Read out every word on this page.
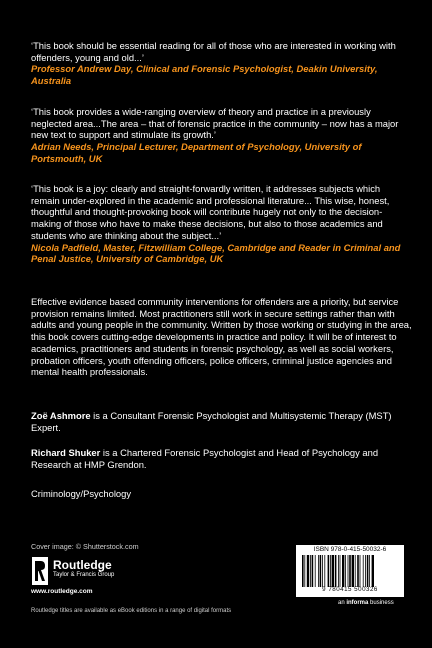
‘This book should be essential reading for all of those who are interested in working with offenders, young and old...’
Professor Andrew Day, Clinical and Forensic Psychologist, Deakin University, Australia
‘This book provides a wide-ranging overview of theory and practice in a previously neglected area...The area – that of forensic practice in the community – now has a major new text to support and stimulate its growth.’
Adrian Needs, Principal Lecturer, Department of Psychology, University of Portsmouth, UK
‘This book is a joy: clearly and straight-forwardly written, it addresses subjects which remain under-explored in the academic and professional literature... This wise, honest, thoughtful and thought-provoking book will contribute hugely not only to the decision-making of those who have to make these decisions, but also to those academics and students who are thinking about the subject...’
Nicola Padfield, Master, Fitzwilliam College, Cambridge and Reader in Criminal and Penal Justice, University of Cambridge, UK
Effective evidence based community interventions for offenders are a priority, but service provision remains limited. Most practitioners still work in secure settings rather than with adults and young people in the community. Written by those working or studying in the area, this book covers cutting-edge developments in practice and policy. It will be of interest to academics, practitioners and students in forensic psychology, as well as social workers, probation officers, youth offending officers, police officers, criminal justice agencies and mental health professionals.
Zoë Ashmore is a Consultant Forensic Psychologist and Multisystemic Therapy (MST) Expert.
Richard Shuker is a Chartered Forensic Psychologist and Head of Psychology and Research at HMP Grendon.
Criminology/Psychology
Cover image: © Shutterstock.com
Routledge
Taylor & Francis Group
www.routledge.com
Routledge titles are available as eBook editions in a range of digital formats
ISBN 978-0-415-50032-6
9 780415 500326
an informa business
